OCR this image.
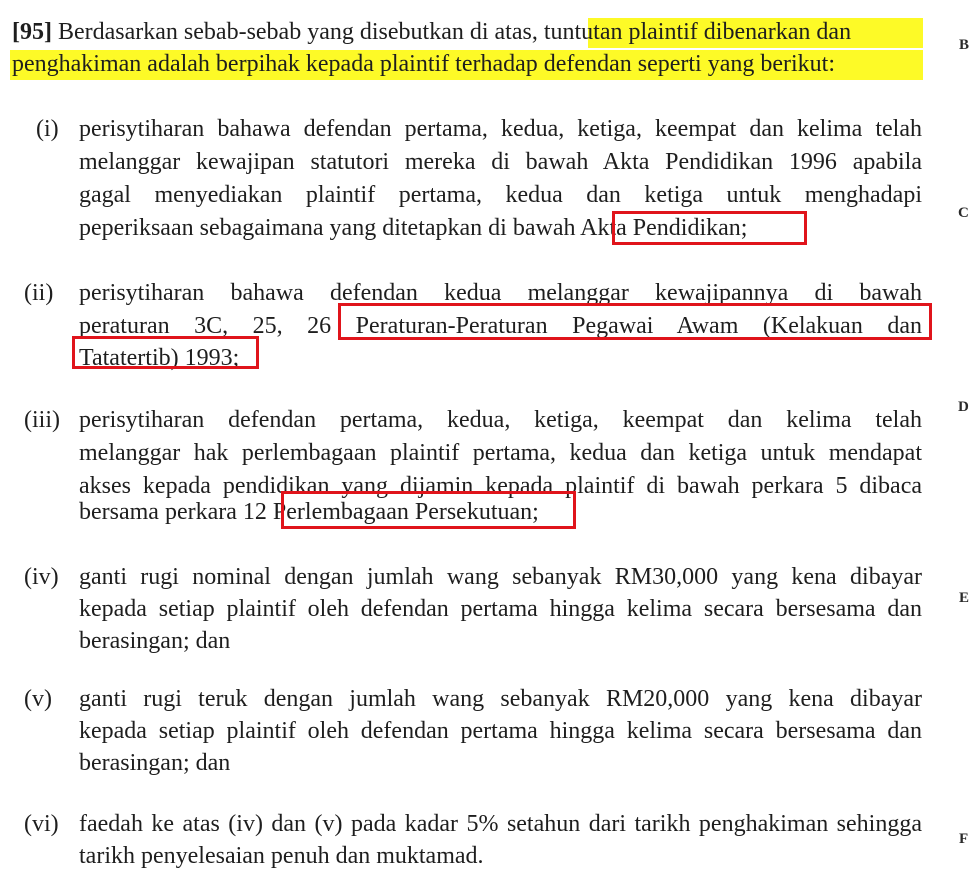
B
C
D
E
F
[95] Berdasarkan sebab-sebab yang disebutkan di atas, tuntutan plaintif dibenarkan dan
penghakiman adalah berpihak kepada plaintif terhadap defendan seperti yang berikut:
(i) perisytiharan bahawa defendan pertama, kedua, ketiga, keempat dan kelima telah
melanggar kewajipan statutori mereka di bawah Akta Pendidikan 1996 apabila
gagal menyediakan plaintif pertama, kedua dan ketiga untuk menghadapi
peperiksaan sebagaimana yang ditetapkan di bawah Akta Pendidikan;
(ii) perisytiharan bahawa defendan kedua melanggar kewajipannya di bawah
peraturan 3C, 25, 26 Peraturan-Peraturan Pegawai Awam (Kelakuan dan
Tatatertib) 1993;
(iii) perisytiharan defendan pertama, kedua, ketiga, keempat dan kelima telah
melanggar hak perlembagaan plaintif pertama, kedua dan ketiga untuk mendapat
akses kepada pendidikan yang dijamin kepada plaintif di bawah perkara 5 dibaca
bersama perkara 12 Perlembagaan Persekutuan;
(iv) ganti rugi nominal dengan jumlah wang sebanyak RM30,000 yang kena dibayar
kepada setiap plaintif oleh defendan pertama hingga kelima secara bersesama dan
berasingan; dan
(v) ganti rugi teruk dengan jumlah wang sebanyak RM20,000 yang kena dibayar
kepada setiap plaintif oleh defendan pertama hingga kelima secara bersesama dan
berasingan; dan
(vi) faedah ke atas (iv) dan (v) pada kadar 5% setahun dari tarikh penghakiman sehingga
tarikh penyelesaian penuh dan muktamad.
